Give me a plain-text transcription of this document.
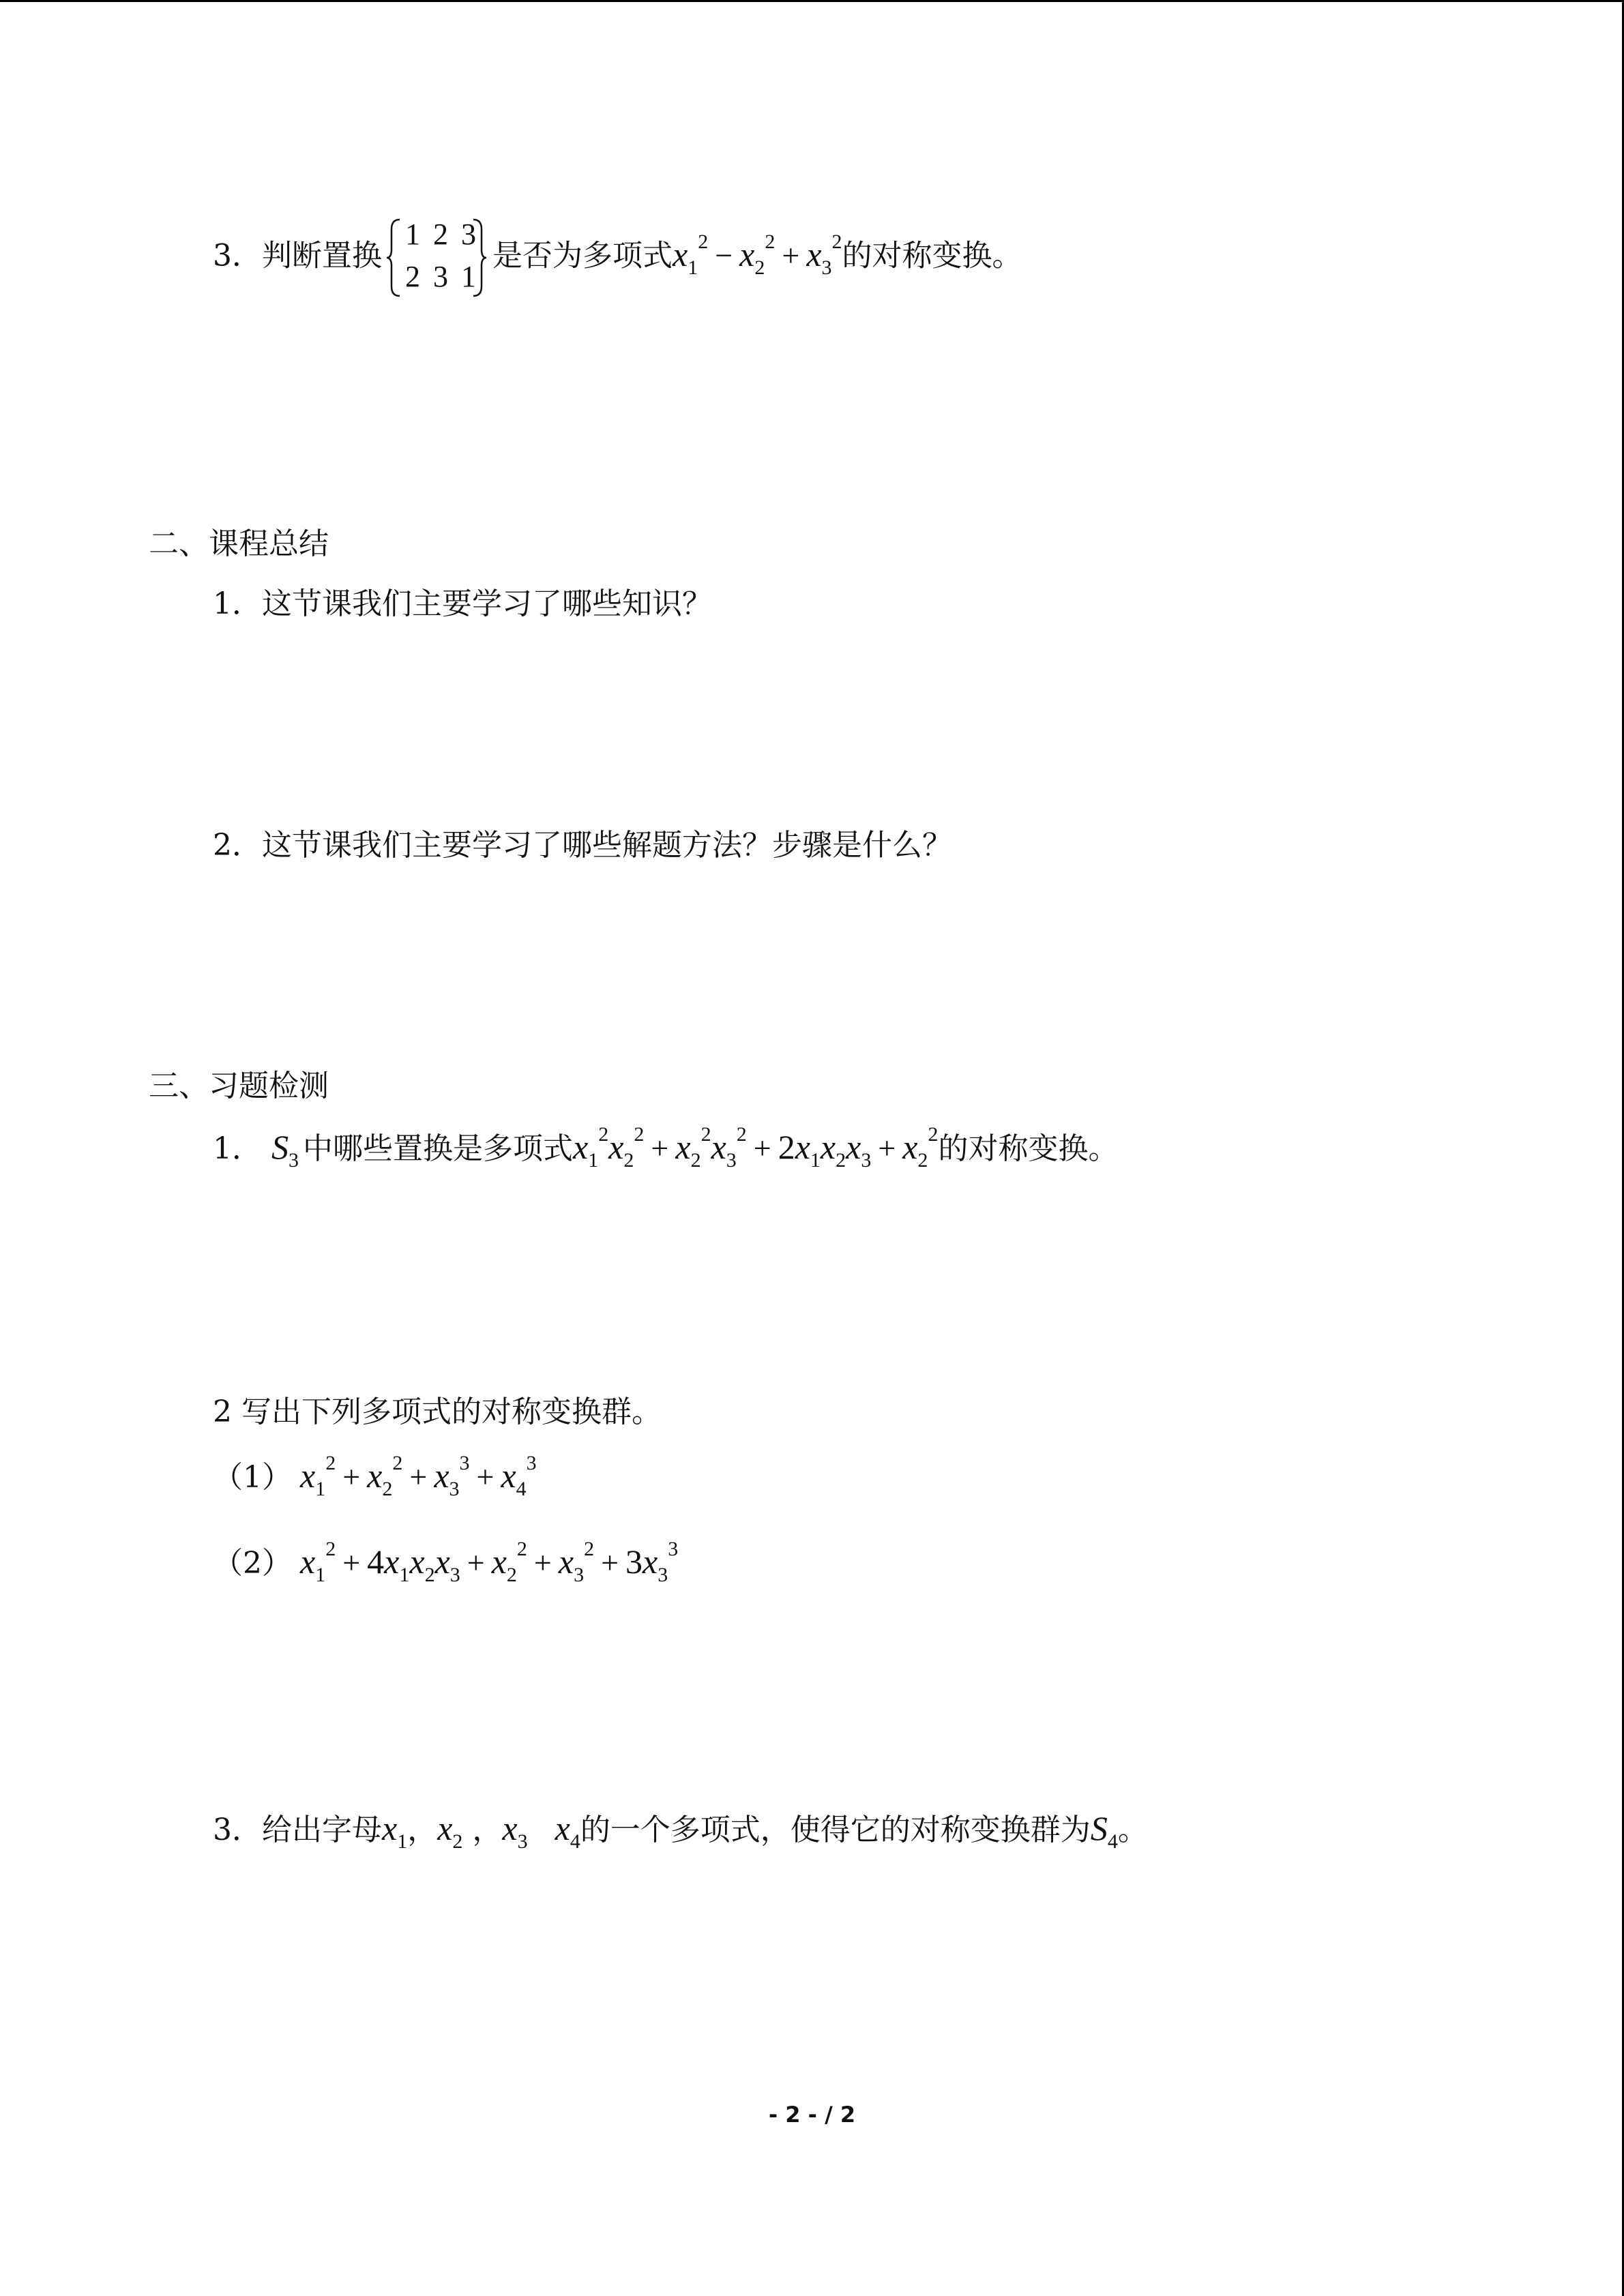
3．判断置换
1 2 3
2 3 1
是否为多项式$x_1^2 - x_2^2 + x_3^2$的对称变换。
二、课程总结
1．这节课我们主要学习了哪些知识？
2．这节课我们主要学习了哪些解题方法？步骤是什么？
三、习题检测
1． $S_3$ 中哪些置换是多项式$x_1^2x_2^2 + x_2^2x_3^2 + 2x_1x_2x_3 + x_2^2$的对称变换。
2 写出下列多项式的对称变换群。
（1） $x_1^2 + x_2^2 + x_3^3 + x_4^3$
（2） $x_1^2 + 4x_1x_2x_3 + x_2^2 + x_3^2 + 3x_3^3$
3．给出字母$x_1$，$x_2$ ，$x_3$ $x_4$的一个多项式，使得它的对称变换群为$S_4$。
- 2 - / 2
